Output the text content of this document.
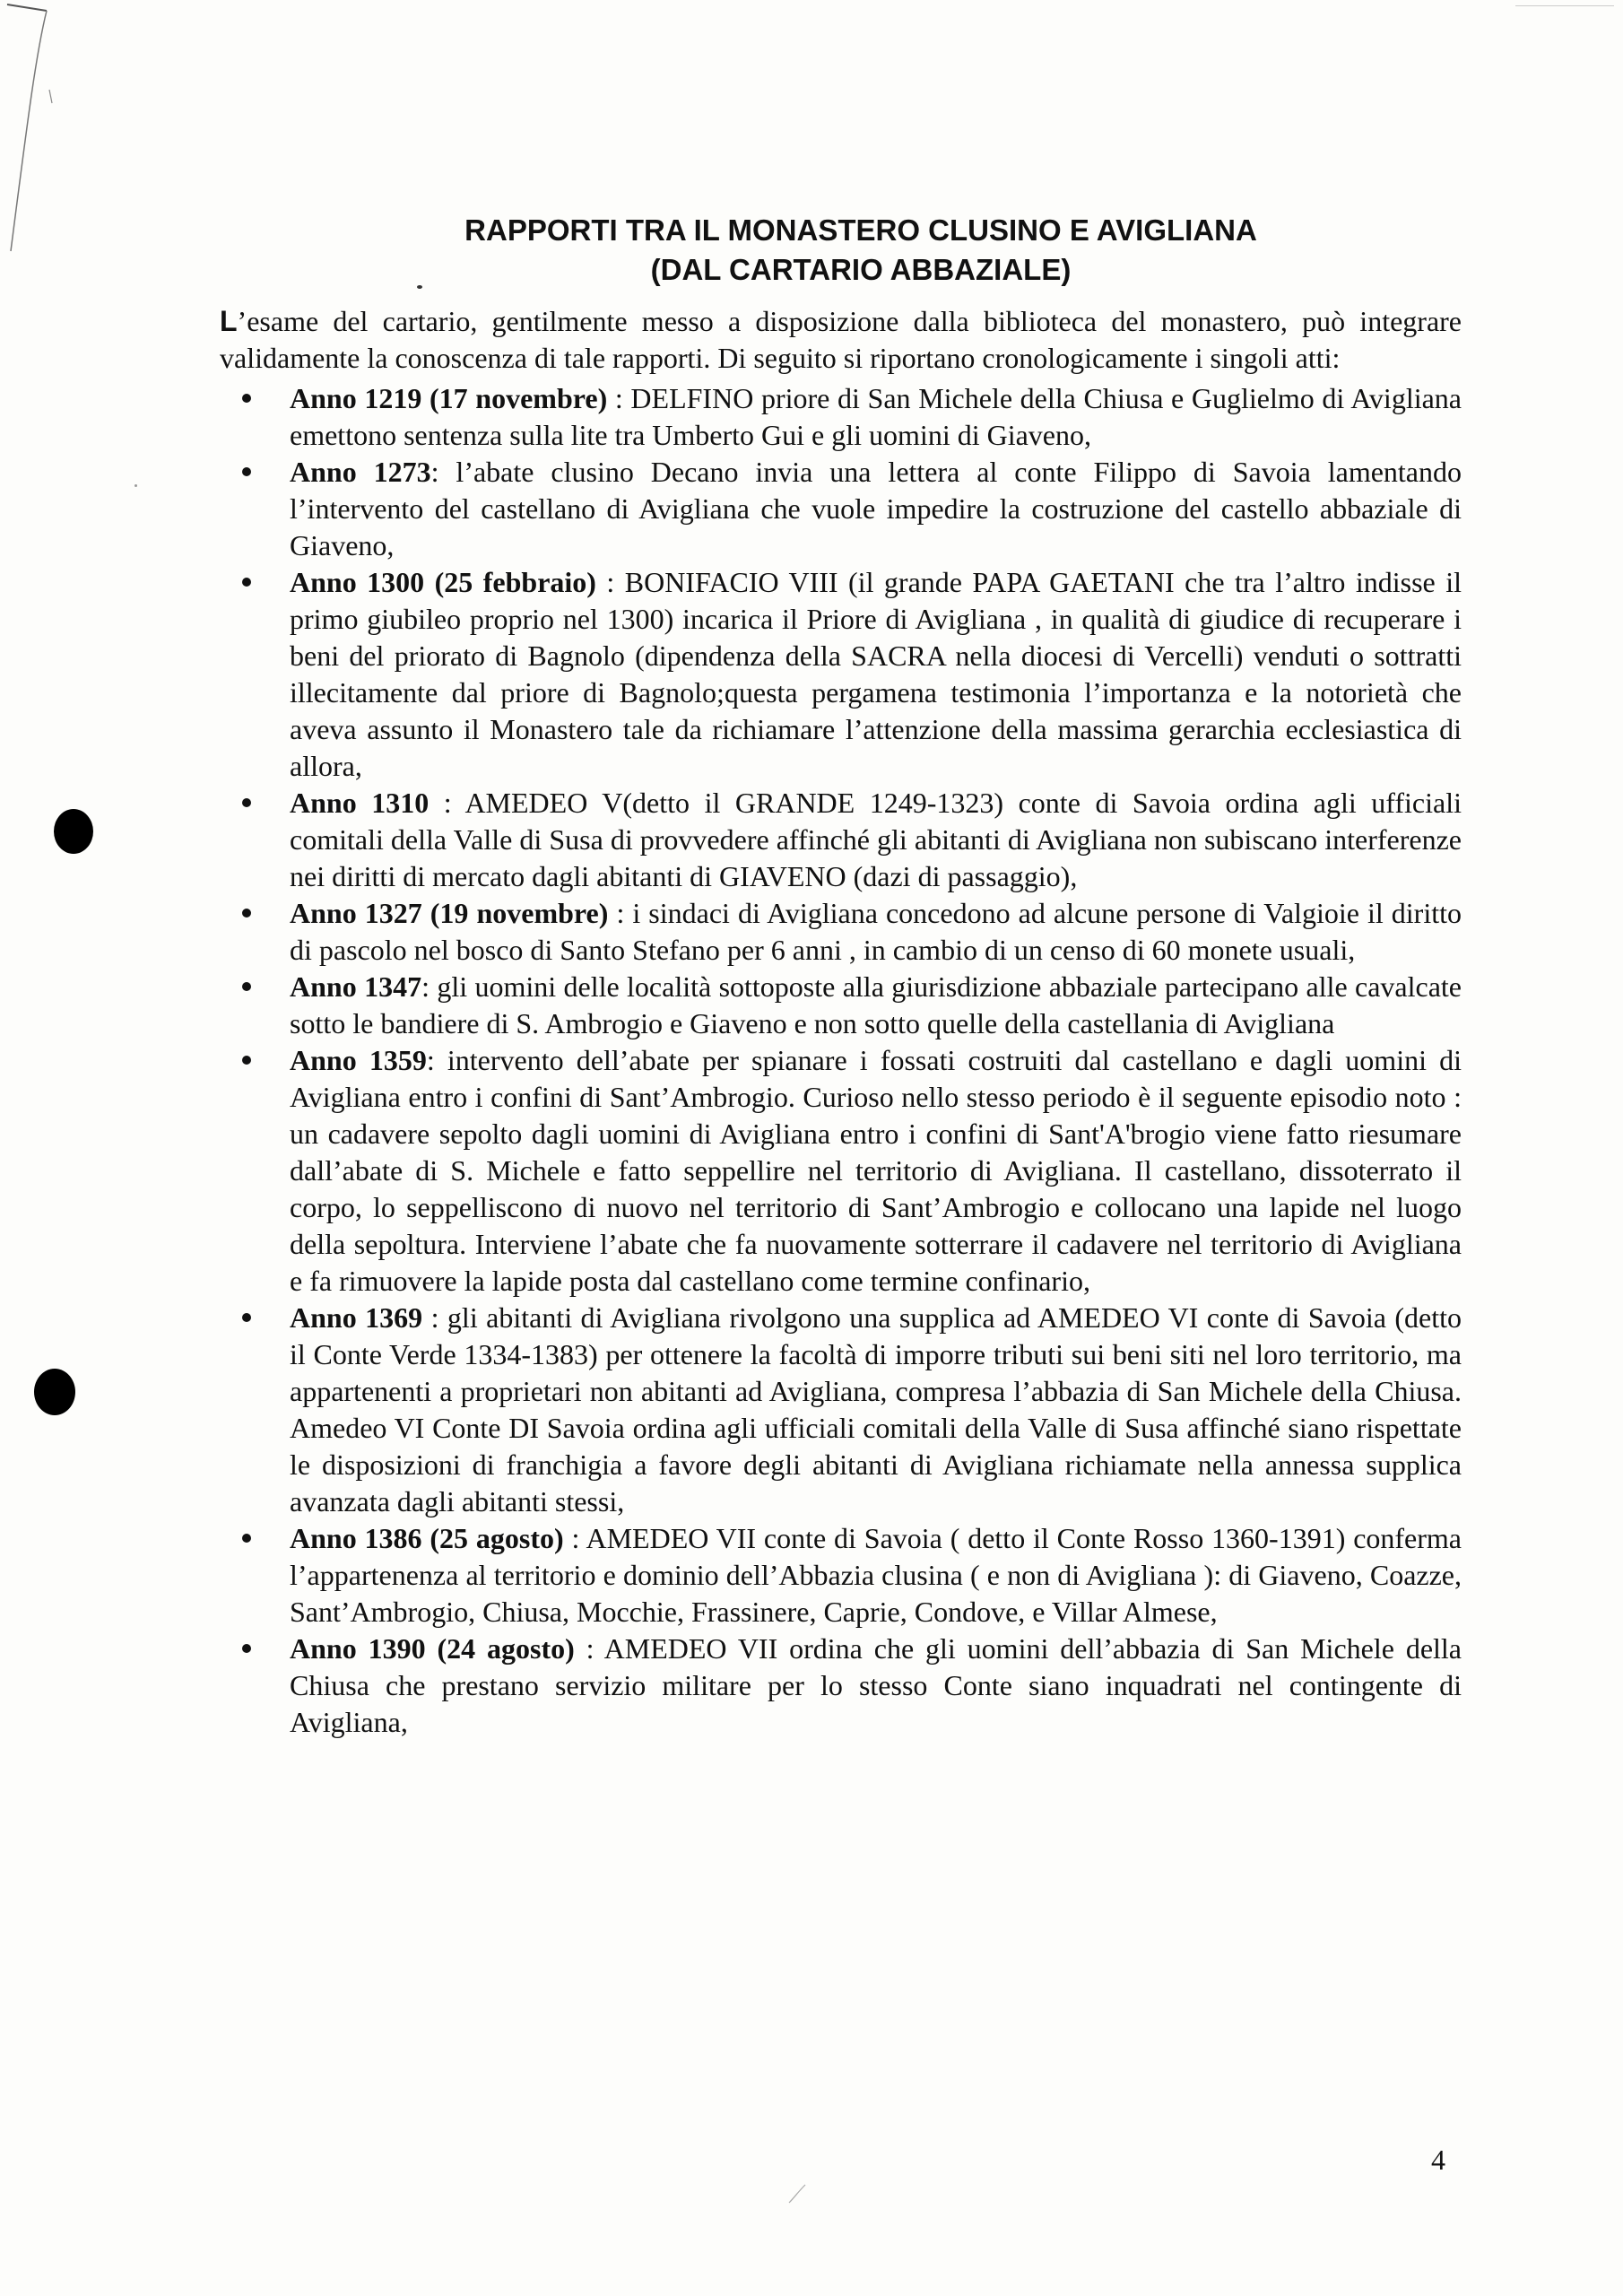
RAPPORTI TRA IL MONASTERO CLUSINO E AVIGLIANA
(DAL CARTARIO ABBAZIALE)

L’esame del cartario, gentilmente messo a disposizione dalla biblioteca del monastero, può integrare validamente la conoscenza di tale rapporti. Di seguito si riportano cronologicamente i singoli atti:

Anno 1219 (17 novembre) : DELFINO priore di San Michele della Chiusa e Guglielmo di Avigliana emettono sentenza sulla lite tra Umberto Gui e gli uomini di Giaveno,
Anno 1273: l’abate clusino Decano invia una lettera al conte Filippo di Savoia lamentando l’intervento del castellano di Avigliana che vuole impedire la costruzione del castello abbaziale di Giaveno,
Anno 1300 (25 febbraio) : BONIFACIO VIII (il grande PAPA GAETANI che tra l’altro indisse il primo giubileo proprio nel 1300) incarica il Priore di Avigliana , in qualità di giudice di recuperare i beni del priorato di Bagnolo (dipendenza della SACRA nella diocesi di Vercelli) venduti o sottratti illecitamente dal priore di Bagnolo;questa pergamena testimonia l’importanza e la notorietà che aveva assunto il Monastero tale da richiamare l’attenzione della massima gerarchia ecclesiastica di allora,
Anno 1310 : AMEDEO V(detto il GRANDE 1249-1323) conte di Savoia ordina agli ufficiali comitali della Valle di Susa di provvedere affinché gli abitanti di Avigliana non subiscano interferenze nei diritti di mercato dagli abitanti di GIAVENO (dazi di passaggio),
Anno 1327 (19 novembre) : i sindaci di Avigliana concedono ad alcune persone di Valgioie il diritto di pascolo nel bosco di Santo Stefano per 6 anni , in cambio di un censo di 60 monete usuali,
Anno 1347: gli uomini delle località sottoposte alla giurisdizione abbaziale partecipano alle cavalcate sotto le bandiere di S. Ambrogio e Giaveno e non sotto quelle della castellania di Avigliana
Anno 1359: intervento dell’abate per spianare i fossati costruiti dal castellano e dagli uomini di Avigliana entro i confini di Sant’Ambrogio. Curioso nello stesso periodo è il seguente episodio noto : un cadavere sepolto dagli uomini di Avigliana entro i confini di Sant'A'brogio viene fatto riesumare dall’abate di S. Michele e fatto seppellire nel territorio di Avigliana. Il castellano, dissoterrato il corpo, lo seppelliscono di nuovo nel territorio di Sant’Ambrogio e collocano una lapide nel luogo della sepoltura. Interviene l’abate che fa nuovamente sotterrare il cadavere nel territorio di Avigliana e fa rimuovere la lapide posta dal castellano come termine confinario,
Anno 1369 : gli abitanti di Avigliana rivolgono una supplica ad AMEDEO VI conte di Savoia (detto il Conte Verde 1334-1383) per ottenere la facoltà di imporre tributi sui beni siti nel loro territorio, ma appartenenti a proprietari non abitanti ad Avigliana, compresa l’abbazia di San Michele della Chiusa. Amedeo VI Conte DI Savoia ordina agli ufficiali comitali della Valle di Susa affinché siano rispettate le disposizioni di franchigia a favore degli abitanti di Avigliana richiamate nella annessa supplica avanzata dagli abitanti stessi,
Anno 1386 (25 agosto) : AMEDEO VII conte di Savoia ( detto il Conte Rosso 1360-1391) conferma l’appartenenza al territorio e dominio dell’Abbazia clusina ( e non di Avigliana ): di Giaveno, Coazze, Sant’Ambrogio, Chiusa, Mocchie, Frassinere, Caprie, Condove, e Villar Almese,
Anno 1390 (24 agosto) : AMEDEO VII ordina che gli uomini dell’abbazia di San Michele della Chiusa che prestano servizio militare per lo stesso Conte siano inquadrati nel contingente di Avigliana,
4
